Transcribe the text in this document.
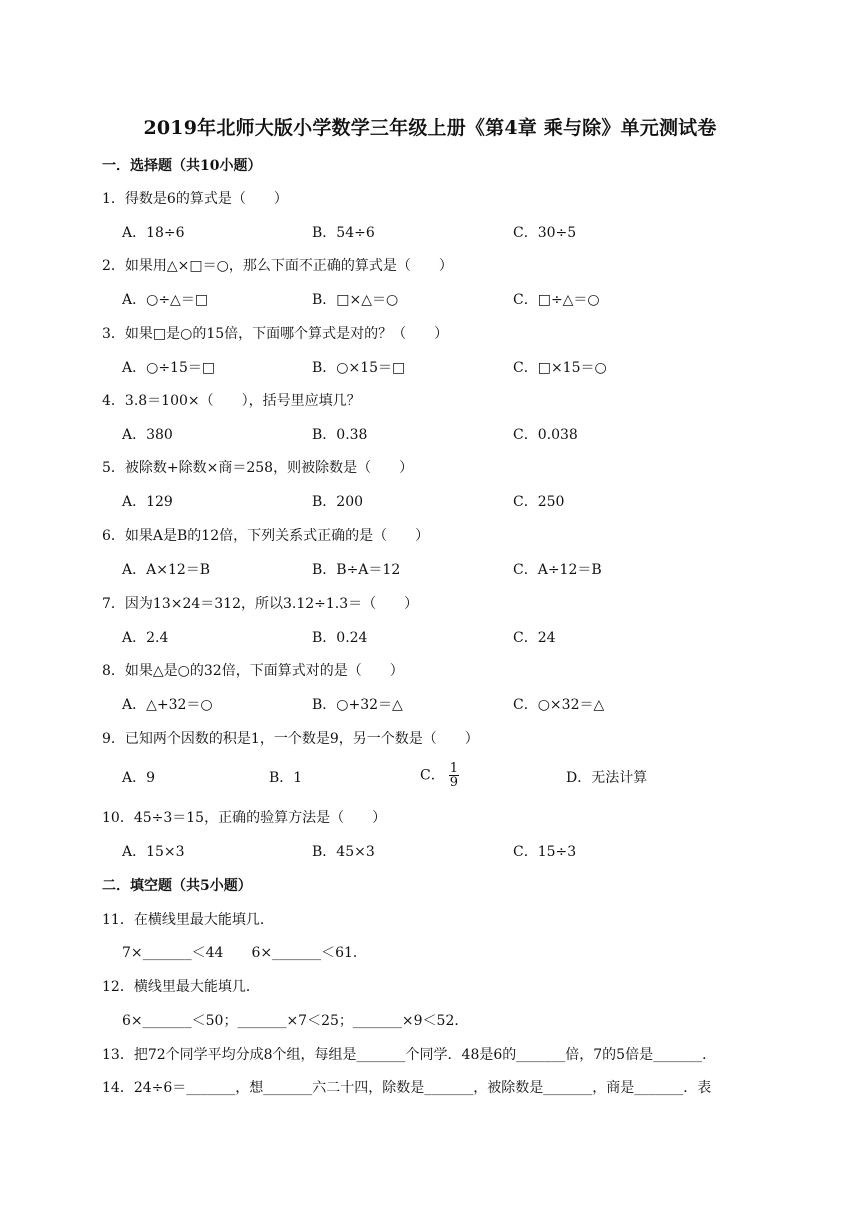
2019年北师大版小学数学三年级上册《第4章 乘与除》单元测试卷
一．选择题（共10小题）
1．得数是6的算式是（　　）
A．18÷6	B．54÷6	C．30÷5
2．如果用△×□＝○，那么下面不正确的算式是（　　）
A．○÷△＝□	B．□×△＝○	C．□÷△＝○
3．如果□是○的15倍，下面哪个算式是对的？（　　）
A．○÷15＝□	B．○×15＝□	C．□×15＝○
4．3.8＝100×（　　），括号里应填几？
A．380	B．0.38	C．0.038
5．被除数+除数×商＝258，则被除数是（　　）
A．129	B．200	C．250
6．如果A是B的12倍，下列关系式正确的是（　　）
A．A×12＝B	B．B÷A＝12	C．A÷12＝B
7．因为13×24＝312，所以3.12÷1.3＝（　　）
A．2.4	B．0.24	C．24
8．如果△是○的32倍，下面算式对的是（　　）
A．△+32＝○	B．○+32＝△	C．○×32＝△
9．已知两个因数的积是1，一个数是9，另一个数是（　　）
A．9	B．1	C． $\frac{1}{9}$	D．无法计算
10．45÷3＝15，正确的验算方法是（　　）
A．15×3	B．45×3	C．15÷3
二．填空题（共5小题）
11．在横线里最大能填几．
7×_______＜44　　6×_______＜61．
12．横线里最大能填几．
6×_______＜50；_______×7＜25；_______×9＜52．
13．把72个同学平均分成8个组，每组是_______个同学．48是6的_______倍，7的5倍是_______．
14．24÷6＝_______，想_______六二十四，除数是_______，被除数是_______，商是_______．表
